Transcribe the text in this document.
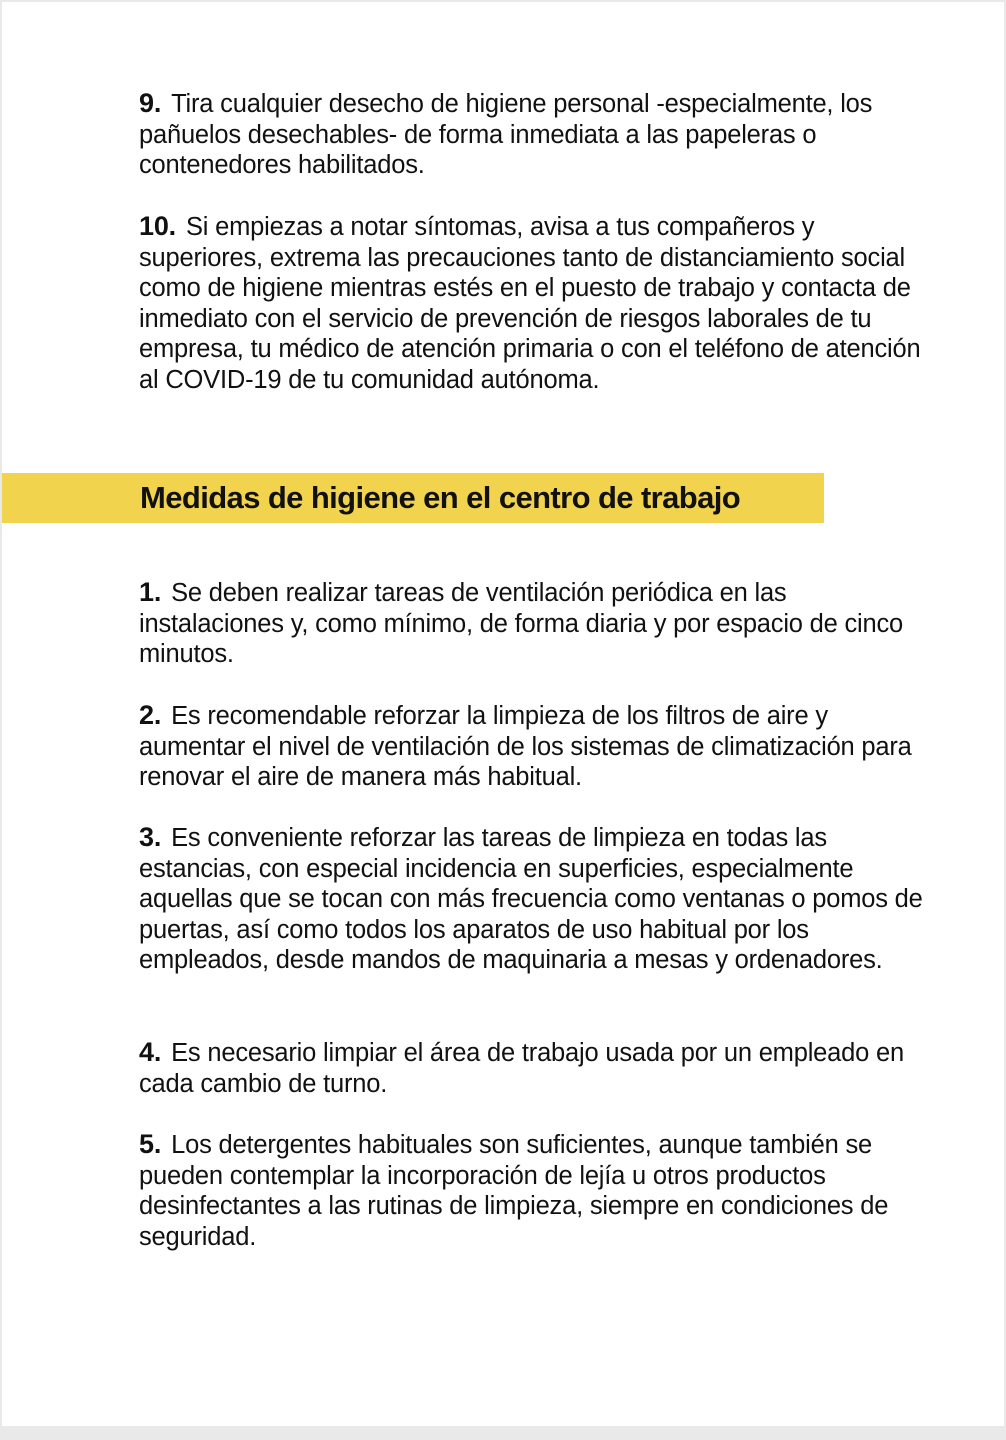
9. Tira cualquier desecho de higiene personal -especialmente, los pañuelos desechables- de forma inmediata a las papeleras o contenedores habilitados.

10. Si empiezas a notar síntomas, avisa a tus compañeros y superiores, extrema las precauciones tanto de distanciamiento social como de higiene mientras estés en el puesto de trabajo y contacta de inmediato con el servicio de prevención de riesgos laborales de tu empresa, tu médico de atención primaria o con el teléfono de atención al COVID-19 de tu comunidad autónoma.

Medidas de higiene en el centro de trabajo

1. Se deben realizar tareas de ventilación periódica en las instalaciones y, como mínimo, de forma diaria y por espacio de cinco minutos.

2. Es recomendable reforzar la limpieza de los filtros de aire y aumentar el nivel de ventilación de los sistemas de climatización para renovar el aire de manera más habitual.

3. Es conveniente reforzar las tareas de limpieza en todas las estancias, con especial incidencia en superficies, especialmente aquellas que se tocan con más frecuencia como ventanas o pomos de puertas, así como todos los aparatos de uso habitual por los empleados, desde mandos de maquinaria a mesas y ordenadores.

4. Es necesario limpiar el área de trabajo usada por un empleado en cada cambio de turno.

5. Los detergentes habituales son suficientes, aunque también se pueden contemplar la incorporación de lejía u otros productos desinfectantes a las rutinas de limpieza, siempre en condiciones de seguridad.
